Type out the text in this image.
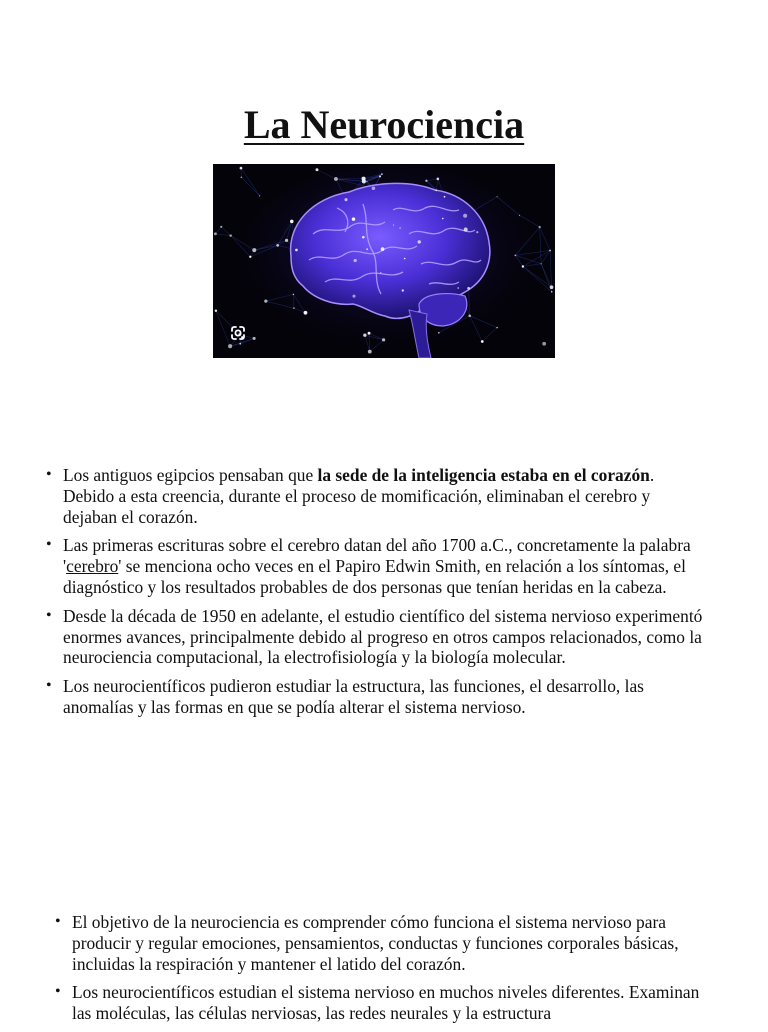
La Neurociencia
• Los antiguos egipcios pensaban que la sede de la inteligencia estaba en el corazón. Debido a esta creencia, durante el proceso de momificación, eliminaban el cerebro y dejaban el corazón.
• Las primeras escrituras sobre el cerebro datan del año 1700 a.C., concretamente la palabra 'cerebro' se menciona ocho veces en el Papiro Edwin Smith, en relación a los síntomas, el diagnóstico y los resultados probables de dos personas que tenían heridas en la cabeza.
• Desde la década de 1950 en adelante, el estudio científico del sistema nervioso experimentó enormes avances, principalmente debido al progreso en otros campos relacionados, como la neurociencia computacional, la electrofisiología y la biología molecular.
• Los neurocientíficos pudieron estudiar la estructura, las funciones, el desarrollo, las anomalías y las formas en que se podía alterar el sistema nervioso.
• El objetivo de la neurociencia es comprender cómo funciona el sistema nervioso para producir y regular emociones, pensamientos, conductas y funciones corporales básicas, incluidas la respiración y mantener el latido del corazón.
• Los neurocientíficos estudian el sistema nervioso en muchos niveles diferentes. Examinan las moléculas, las células nerviosas, las redes neurales y la estructura
